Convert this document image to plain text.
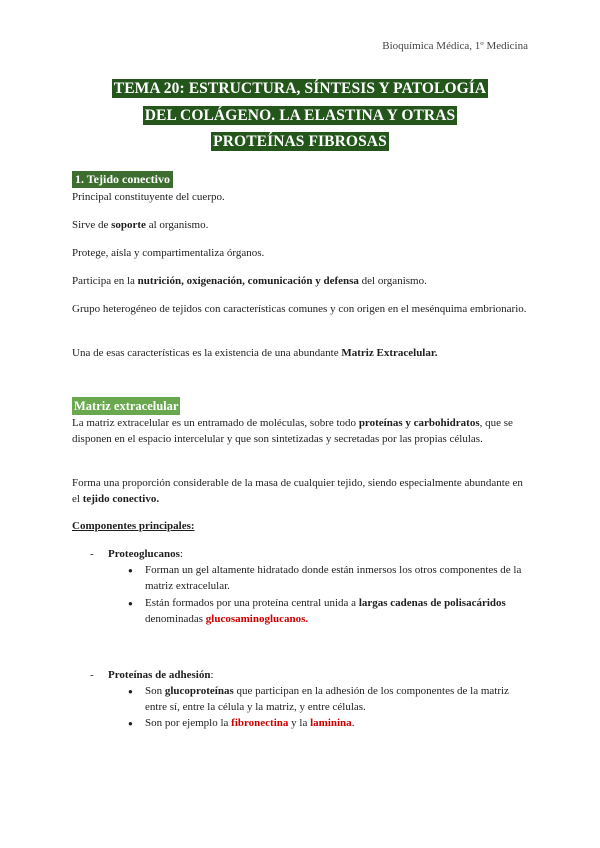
Bioquímica Médica, 1º Medicina
TEMA 20: ESTRUCTURA, SÍNTESIS Y PATOLOGÍA
DEL COLÁGENO. LA ELASTINA Y OTRAS
PROTEÍNAS FIBROSAS
1. Tejido conectivo

Principal constituyente del cuerpo.

Sirve de soporte al organismo.

Protege, aísla y compartimentaliza órganos.

Participa en la nutrición, oxigenación, comunicación y defensa del organismo.

Grupo heterogéneo de tejidos con características comunes y con origen en el mesénquima embrionario.

Una de esas características es la existencia de una abundante Matriz Extracelular.

Matriz extracelular

La matriz extracelular es un entramado de moléculas, sobre todo proteínas y carbohidratos, que se disponen en el espacio intercelular y que son sintetizadas y secretadas por las propias células.

Forma una proporción considerable de la masa de cualquier tejido, siendo especialmente abundante en el tejido conectivo.

Componentes principales:

- Proteoglucanos:
● Forman un gel altamente hidratado donde están inmersos los otros componentes de la matriz extracelular.
● Están formados por una proteína central unida a largas cadenas de polisacáridos denominadas glucosaminoglucanos.
- Proteínas de adhesión:
● Son glucoproteínas que participan en la adhesión de los componentes de la matriz entre sí, entre la célula y la matriz, y entre células.
● Son por ejemplo la fibronectina y la laminina.
